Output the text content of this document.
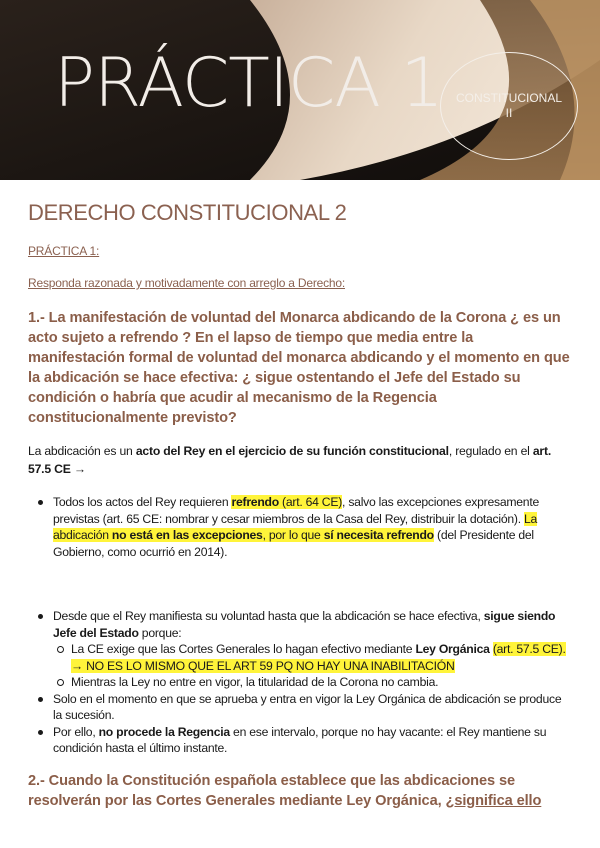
PRÁCTICA 1 CONSTITUCIONAL
II
DERECHO CONSTITUCIONAL 2
PRÁCTICA 1:
Responda razonada y motivadamente con arreglo a Derecho:
1.- La manifestación de voluntad del Monarca abdicando de la Corona ¿ es un acto sujeto a refrendo ? En el lapso de tiempo que media entre la manifestación formal de voluntad del monarca abdicando y el momento en que la abdicación se hace efectiva: ¿ sigue ostentando el Jefe del Estado su condición o habría que acudir al mecanismo de la Regencia constitucionalmente previsto?
La abdicación es un acto del Rey en el ejercicio de su función constitucional, regulado en el art. 57.5 CE →
Todos los actos del Rey requieren refrendo (art. 64 CE), salvo las excepciones expresamente previstas (art. 65 CE: nombrar y cesar miembros de la Casa del Rey, distribuir la dotación). La abdicación no está en las excepciones, por lo que sí necesita refrendo (del Presidente del Gobierno, como ocurrió en 2014).
Desde que el Rey manifiesta su voluntad hasta que la abdicación se hace efectiva, sigue siendo Jefe del Estado porque:
La CE exige que las Cortes Generales lo hagan efectivo mediante Ley Orgánica (art. 57.5 CE). → NO ES LO MISMO QUE EL ART 59 PQ NO HAY UNA INABILITACIÓN
Mientras la Ley no entre en vigor, la titularidad de la Corona no cambia.
Solo en el momento en que se aprueba y entra en vigor la Ley Orgánica de abdicación se produce la sucesión.
Por ello, no procede la Regencia en ese intervalo, porque no hay vacante: el Rey mantiene su condición hasta el último instante.
2.- Cuando la Constitución española establece que las abdicaciones se resolverán por las Cortes Generales mediante Ley Orgánica, ¿significa ello
